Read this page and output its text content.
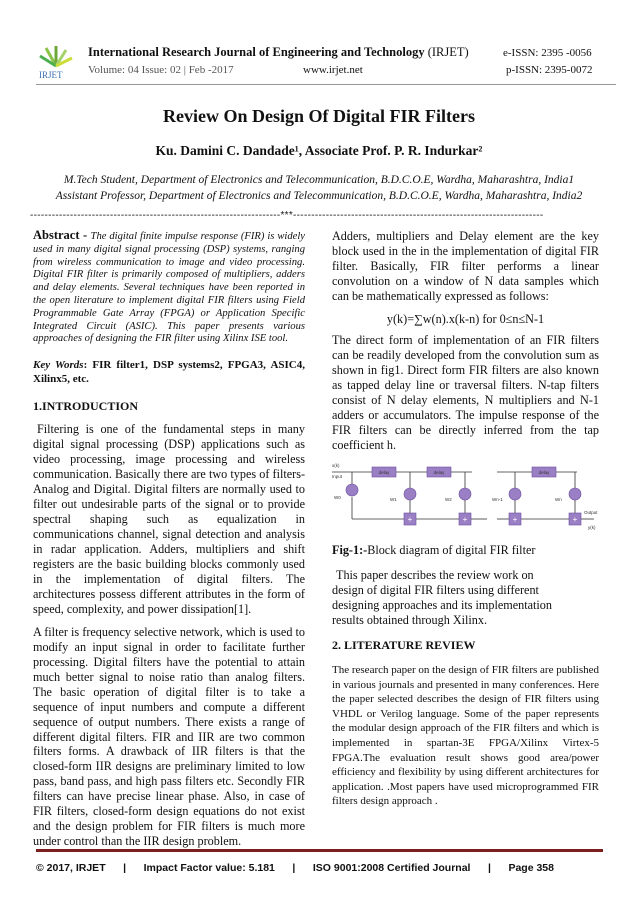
IRJET
International Research Journal of Engineering and Technology (IRJET)	e-ISSN: 2395 -0056
Volume: 04 Issue: 02 | Feb -2017	www.irjet.net	p-ISSN: 2395-0072
Review On Design Of Digital FIR Filters
Ku. Damini C. Dandade¹, Associate Prof. P. R. Indurkar²
M.Tech Student, Department of Electronics and Telecommunication, B.D.C.O.E, Wardha, Maharashtra, India1
Assistant Professor, Department of Electronics and Telecommunication, B.D.C.O.E, Wardha, Maharashtra, India2
---------------------------------------------------------------------***---------------------------------------------------------------------
Abstract - The digital finite impulse response (FIR) is widely used in many digital signal processing (DSP) systems, ranging from wireless communication to image and video processing. Digital FIR filter is primarily composed of multipliers, adders and delay elements. Several techniques have been reported in the open literature to implement digital FIR filters using Field Programmable Gate Array (FPGA) or Application Specific Integrated Circuit (ASIC). This paper presents various approaches of designing the FIR filter using Xilinx ISE tool.
Key Words: FIR filter1, DSP systems2, FPGA3, ASIC4, Xilinx5, etc.
1.INTRODUCTION
Filtering is one of the fundamental steps in many digital signal processing (DSP) applications such as video processing, image processing and wireless communication. Basically there are two types of filters- Analog and Digital. Digital filters are normally used to filter out undesirable parts of the signal or to provide spectral shaping such as equalization in communications channel, signal detection and analysis in radar application. Adders, multipliers and shift registers are the basic building blocks commonly used in the implementation of digital filters. The architectures possess different attributes in the form of speed, complexity, and power dissipation[1].
A filter is frequency selective network, which is used to modify an input signal in order to facilitate further processing. Digital filters have the potential to attain much better signal to noise ratio than analog filters. The basic operation of digital filter is to take a sequence of input numbers and compute a different sequence of output numbers. There exists a range of different digital filters. FIR and IIR are two common filters forms. A drawback of IIR filters is that the closed-form IIR designs are preliminary limited to low pass, band pass, and high pass filters etc. Secondly FIR filters can have precise linear phase. Also, in case of FIR filters, closed-form design equations do not exist and the design problem for FIR filters is much more under control than the IIR design problem.
Adders, multipliers and Delay element are the key block used in the in the implementation of digital FIR filter. Basically, FIR filter performs a linear convolution on a window of N data samples which can be mathematically expressed as follows:
y(k)=∑w(n).x(k-n) for 0≤n≤N-1
The direct form of implementation of an FIR filters can be readily developed from the convolution sum as shown in fig1. Direct form FIR filters are also known as tapped delay line or traversal filters. N-tap filters consist of N delay elements, N multipliers and N-1 adders or accumulators. The impulse response of the FIR filters can be directly inferred from the tap coefficient h.
+	+	+	+
delay	delay	delay
x(k)
Input
W0	W1	W2	Wn-1	Wn
Output
y(k)
Fig-1:-Block diagram of digital FIR filter
This paper describes the review work on design of digital FIR filters using different designing approaches and its implementation results obtained through Xilinx.
2. LITERATURE REVIEW
The research paper on the design of FIR filters are published in various journals and presented in many conferences. Here the paper selected describes the design of FIR filters using VHDL or Verilog language. Some of the paper represents the modular design approach of the FIR filters and which is implemented in spartan-3E FPGA/Xilinx Virtex-5 FPGA.The evaluation result shows good area/power efficiency and flexibility by using different architectures for application. .Most papers have used microprogrammed FIR filters design approach .
© 2017, IRJET | Impact Factor value: 5.181 | ISO 9001:2008 Certified Journal | Page 358
